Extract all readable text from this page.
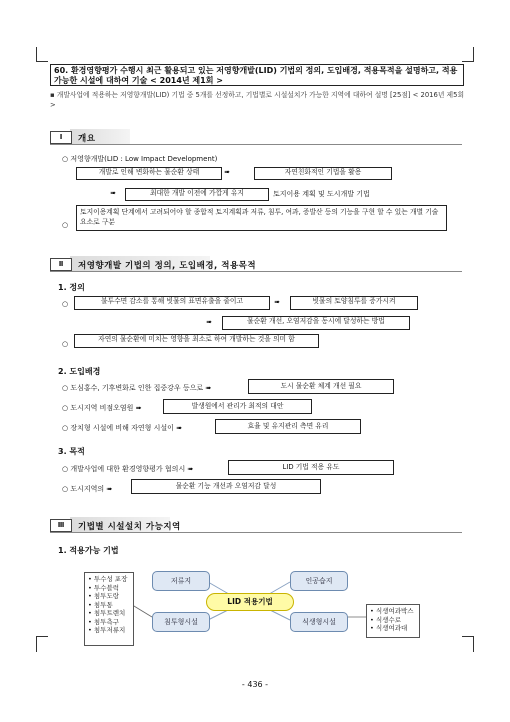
60. 환경영향평가 수행시 최근 활용되고 있는 저영향개발(LID) 기법의 정의, 도입배경, 적용목적을 설명하고, 적용가능한 시설에 대하여 기술 < 2014년 제1회 >
▪ 개발사업에 적용하는 저영향개발(LID) 기법 중 5개를 선정하고, 기법별로 시설설치가 가능한 지역에 대하여 설명 [25점] < 2016년 제5회 >
Ⅰ	개요
○ 저영향개발(LID : Low Impact Development)
개발로 인해 변화하는 물순환 상태	➠	자연친화적인 기법을 활용
➠	최대한 개발 이전에 가깝게 유지	토지이용 계획 및 도시개발 기법
○
토지이용계획 단계에서 고려되어야 할 종합적 토지계획과 저류, 침투, 여과, 증발산 등의 기능을 구현 할 수 있는 개별 기술요소로 구분
Ⅱ	저영향개발 기법의 정의, 도입배경, 적용목적
1. 정의
○	불투수면 감소를 통해 빗물의 표면유출을 줄이고	➠	빗물의 토양침투를 증가시켜
➠	물순환 개선, 오염저감을 동시에 달성하는 방법
○
자연의 물순환에 미치는 영향을 최소로 하여 개발하는 것을 의미 함
2. 도입배경
○ 도심홍수, 기후변화로 인한 집중강우 등으로 ➠	도시 물순환 체계 개선 필요
○ 도시지역 비점오염원 ➠	발생원에서 관리가 최적의 대안
○ 장치형 시설에 비해 자연형 시설이 ➠	효율 및 유지관리 측면 유리
3. 목적
○ 개발사업에 대한 환경영향평가 협의시 ➠	LID 기법 적용 유도
○ 도시지역의 ➠	물순환 기능 개선과 오염저감 달성
Ⅲ	기법별 시설설치 가능지역
1. 적용가능 기법
• 투수성 포장
• 투수블럭
• 침투도랑
• 침투통
• 침투트렌치
• 침투측구
• 침투저류지
저류지	인공습지
침투형시설	식생형시설
LID 적용기법
• 식생여과박스
• 식생수로
• 식생여과대
- 436 -
